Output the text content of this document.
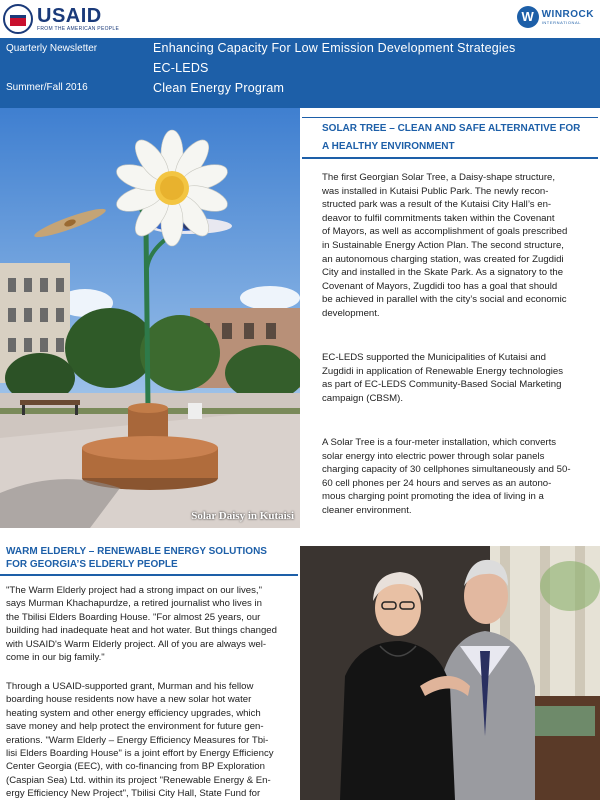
USAID
FROM THE AMERICAN PEOPLE
W WINROCK
INTERNATIONAL
Quarterly Newsletter
Summer/Fall 2016
Enhancing Capacity For Low Emission Development Strategies
EC-LEDS
Clean Energy Program
Solar Daisy in Kutaisi
SOLAR TREE – CLEAN AND SAFE ALTERNATIVE FOR
A HEALTHY ENVIRONMENT
The first Georgian Solar Tree, a Daisy-shape structure,
was installed in Kutaisi Public Park. The newly recon-
structed park was a result of the Kutaisi City Hall’s en-
deavor to fulfil commitments taken within the Covenant
of Mayors, as well as accomplishment of goals prescribed
in Sustainable Energy Action Plan. The second structure,
an autonomous charging station, was created for Zugdidi
City and installed in the Skate Park. As a signatory to the
Covenant of Mayors, Zugdidi too has a goal that should
be achieved in parallel with the city’s social and economic
development.
EC-LEDS supported the Municipalities of Kutaisi and
Zugdidi in application of Renewable Energy technologies
as part of EC-LEDS Community-Based Social Marketing
campaign (CBSM).
A Solar Tree is a four-meter installation, which converts
solar energy into electric power through solar panels
charging capacity of 30 cellphones simultaneously and 50-
60 cell phones per 24 hours and serves as an autono-
mous charging point promoting the idea of living in a
cleaner environment.
WARM ELDERLY – RENEWABLE ENERGY SOLUTIONS
FOR GEORGIA’S ELDERLY PEOPLE
"The Warm Elderly project had a strong impact on our lives,"
says Murman Khachapurdze, a retired journalist who lives in
the Tbilisi Elders Boarding House. "For almost 25 years, our
building had inadequate heat and hot water. But things changed
with USAID's Warm Elderly project. All of you are always wel-
come in our big family."
Through a USAID-supported grant, Murman and his fellow
boarding house residents now have a new solar hot water
heating system and other energy efficiency upgrades, which
save money and help protect the environment for future gen-
erations. "Warm Elderly – Energy Efficiency Measures for Tbi-
lisi Elders Boarding House" is a joint effort by Energy Efficiency
Center Georgia (EEC), with co-financing from BP Exploration
(Caspian Sea) Ltd. within its project "Renewable Energy & En-
ergy Efficiency New Project", Tbilisi City Hall, State Fund for
